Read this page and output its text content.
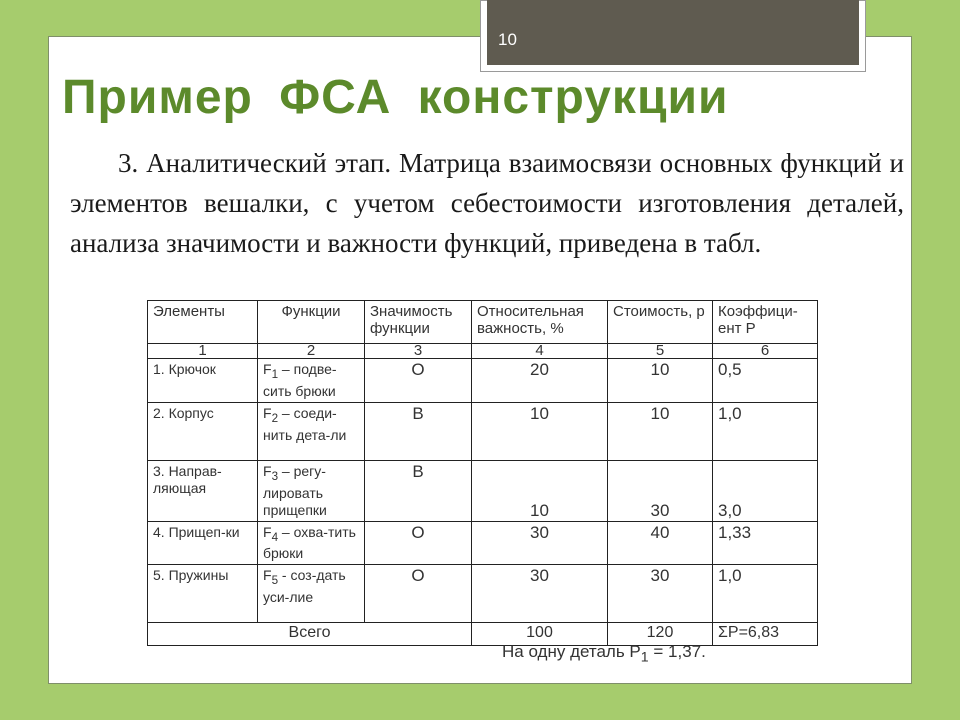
10
Пример ФСА конструкции

3. Аналитический этап. Матрица взаимосвязи основных функций и элементов вешалки, с учетом себестоимости изготовления деталей, анализа значимости и важности функций, приведена в табл.

Элементы	Функции	Значимость функции	Относительная важность, %	Стоимость, р	Коэффици-ент Р
1	2	3	4	5	6
1. Крючок	$F_1$ – подве-сить брюки	О	20	10	0,5
2. Корпус	$F_2$ – соеди-нить дета-ли	В	10	10	1,0
3. Направ-ляющая	$F_3$ – регу-лировать прищепки	В	10	30	3,0
4. Прищеп-ки	$F_4$ – охва-тить брюки	О	30	40	1,33
5. Пружины	$F_5$ - соз-дать уси-лие	О	30	30	1,0
Всего			100	120	ΣР=6,83
На одну деталь $Р_1 = 1,37$.
